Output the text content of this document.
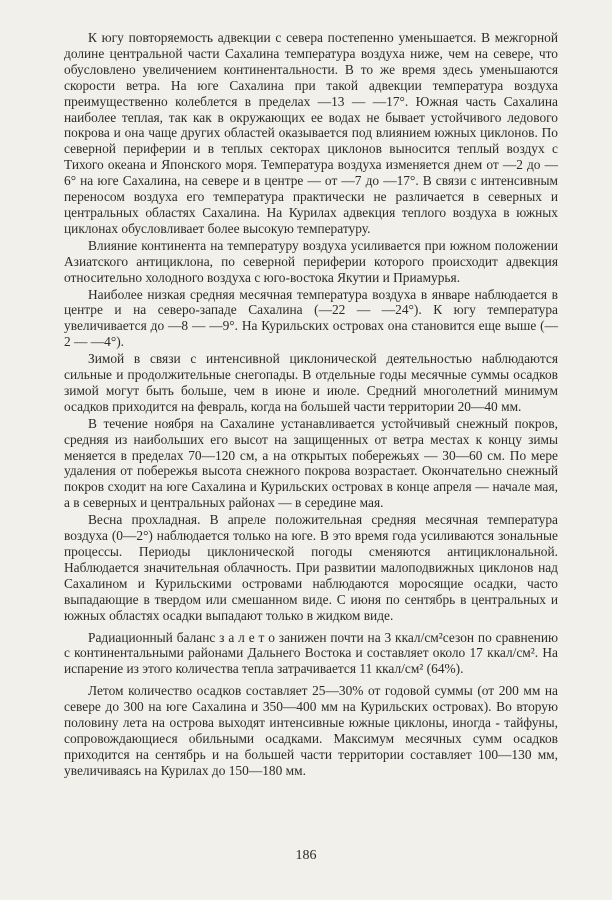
К югу повторяемость адвекции с севера постепенно уменьшается. В межгорной долине центральной части Сахалина температура воздуха ниже, чем на севере, что обусловлено увеличением континентальности. В то же время здесь уменьшаются скорости ветра. На юге Сахалина при такой адвекции температура воздуха преимущественно колеблется в пределах —13 — —17°. Южная часть Сахалина наиболее теплая, так как в окружающих ее водах не бывает устойчивого ледового покрова и она чаще других областей оказывается под влиянием южных циклонов. По северной периферии и в теплых секторах циклонов выносится теплый воздух с Тихого океана и Японского моря. Температура воздуха изменяется днем от —2 до —6° на юге Сахалина, на севере и в центре — от —7 до —17°. В связи с интенсивным переносом воздуха его температура практически не различается в северных и центральных областях Сахалина. На Курилах адвекция теплого воздуха в южных циклонах обусловливает более высокую температуру.

Влияние континента на температуру воздуха усиливается при южном положении Азиатского антициклона, по северной периферии которого происходит адвекция относительно холодного воздуха с юго-востока Якутии и Приамурья.

Наиболее низкая средняя месячная температура воздуха в январе наблюдается в центре и на северо-западе Сахалина (—22 — —24°). К югу температура увеличивается до —8 — —9°. На Курильских островах она становится еще выше (—2 — —4°).

Зимой в связи с интенсивной циклонической деятельностью наблюдаются сильные и продолжительные снегопады. В отдельные годы месячные суммы осадков зимой могут быть больше, чем в июне и июле. Средний многолетний минимум осадков приходится на февраль, когда на большей части территории 20—40 мм.

В течение ноября на Сахалине устанавливается устойчивый снежный покров, средняя из наибольших его высот на защищенных от ветра местах к концу зимы меняется в пределах 70—120 см, а на открытых побережьях — 30—60 см. По мере удаления от побережья высота снежного покрова возрастает. Окончательно снежный покров сходит на юге Сахалина и Курильских островах в конце апреля — начале мая, а в северных и центральных районах — в середине мая.

Весна прохладная. В апреле положительная средняя месячная температура воздуха (0—2°) наблюдается только на юге. В это время года усиливаются зональные процессы. Периоды циклонической погоды сменяются антициклональной. Наблюдается значительная облачность. При развитии малоподвижных циклонов над Сахалином и Курильскими островами наблюдаются моросящие осадки, часто выпадающие в твердом или смешанном виде. С июня по сентябрь в центральных и южных областях осадки выпадают только в жидком виде.

Радиационный баланс з а л е т о занижен почти на 3 ккал/см²сезон по сравнению с континентальными районами Дальнего Востока и составляет около 17 ккал/см². На испарение из этого количества тепла затрачивается 11 ккал/см² (64%).

Летом количество осадков составляет 25—30% от годовой суммы (от 200 мм на севере до 300 на юге Сахалина и 350—400 мм на Курильских островах). Во вторую половину лета на острова выходят интенсивные южные циклоны, иногда - тайфуны, сопровождающиеся обильными осадками. Максимум месячных сумм осадков приходится на сентябрь и на большей части территории составляет 100—130 мм, увеличиваясь на Курилах до 150—180 мм.

186
